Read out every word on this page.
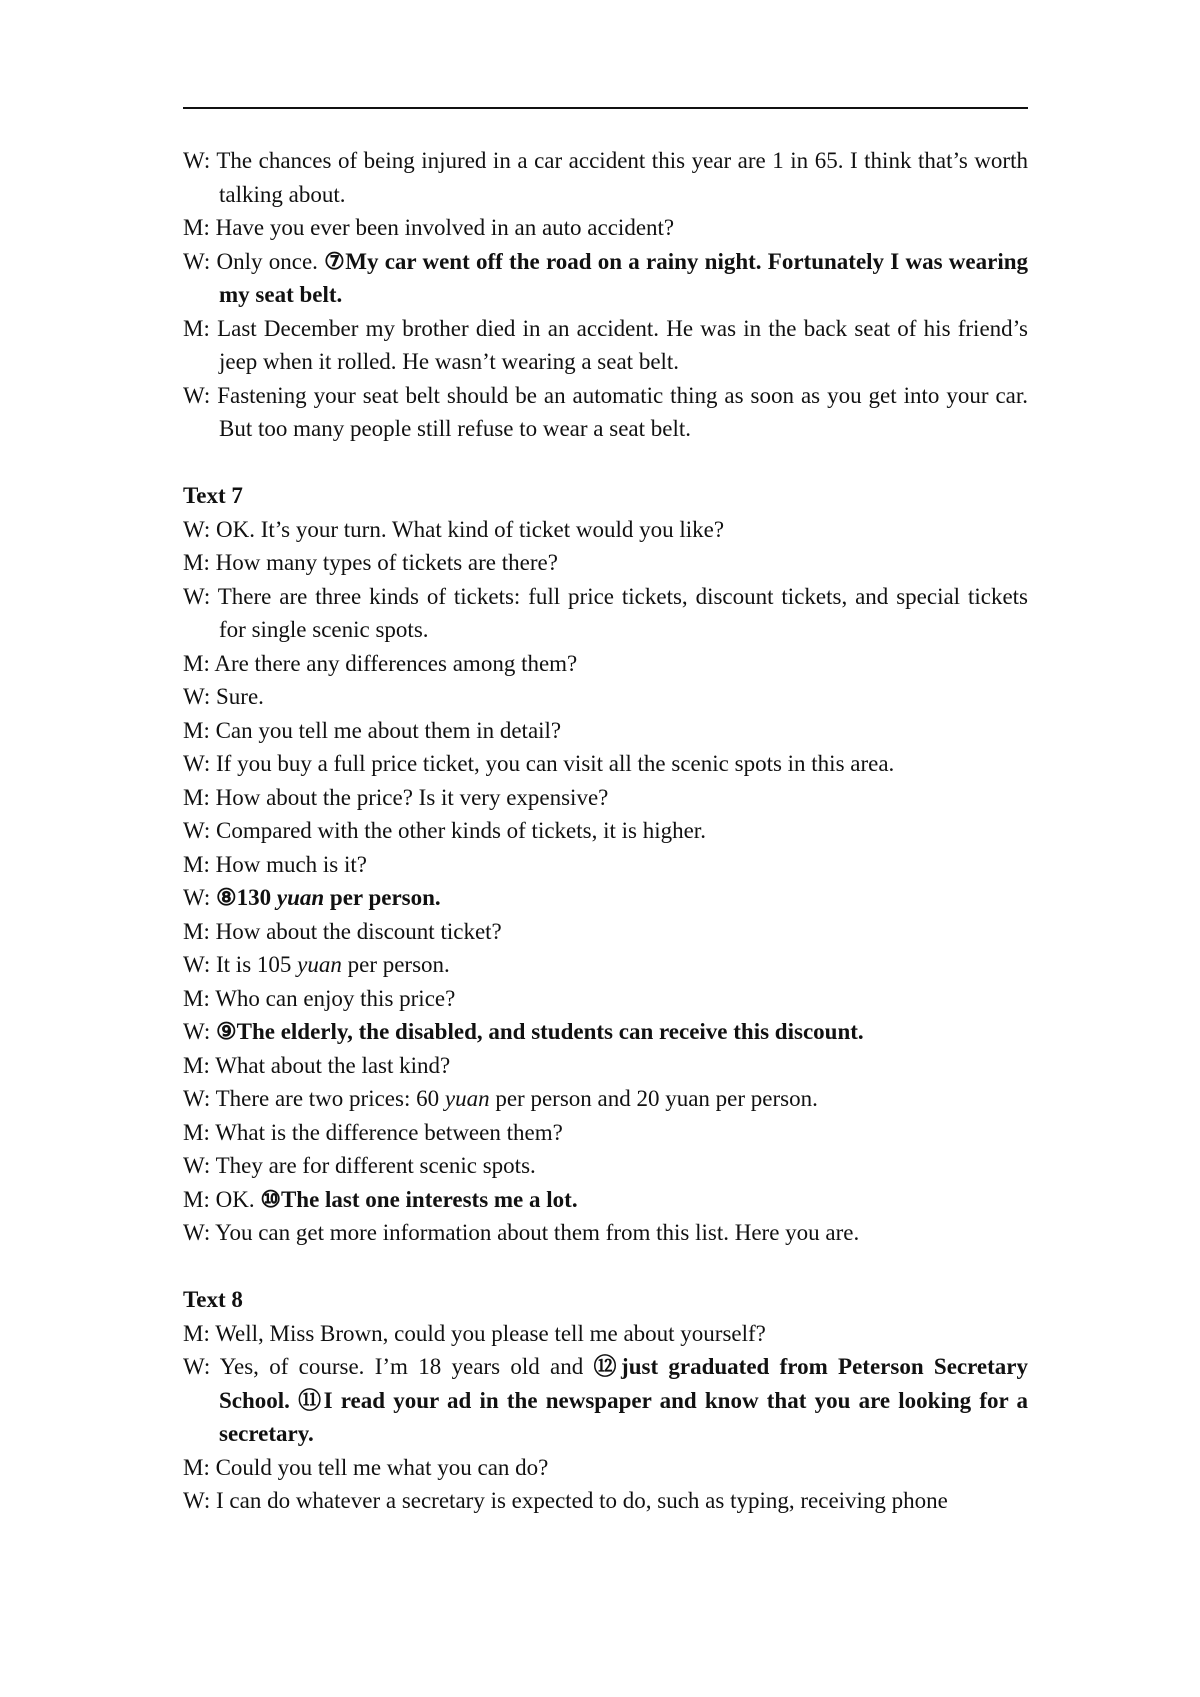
W: The chances of being injured in a car accident this year are 1 in 65. I think that’s worth talking about.

M: Have you ever been involved in an auto accident?

W: Only once. ⑦My car went off the road on a rainy night. Fortunately I was wearing my seat belt.

M: Last December my brother died in an accident. He was in the back seat of his friend’s jeep when it rolled. He wasn’t wearing a seat belt.

W: Fastening your seat belt should be an automatic thing as soon as you get into your car. But too many people still refuse to wear a seat belt.

Text 7

W: OK. It’s your turn. What kind of ticket would you like?

M: How many types of tickets are there?

W: There are three kinds of tickets: full price tickets, discount tickets, and special tickets for single scenic spots.

M: Are there any differences among them?

W: Sure.

M: Can you tell me about them in detail?

W: If you buy a full price ticket, you can visit all the scenic spots in this area.

M: How about the price? Is it very expensive?

W: Compared with the other kinds of tickets, it is higher.

M: How much is it?

W: ⑧130 yuan per person.

M: How about the discount ticket?

W: It is 105 yuan per person.

M: Who can enjoy this price?

W: ⑨The elderly, the disabled, and students can receive this discount.

M: What about the last kind?

W: There are two prices: 60 yuan per person and 20 yuan per person.

M: What is the difference between them?

W: They are for different scenic spots.

M: OK. ⑩The last one interests me a lot.

W: You can get more information about them from this list. Here you are.

Text 8

M: Well, Miss Brown, could you please tell me about yourself?

W: Yes, of course. I’m 18 years old and ⑫just graduated from Peterson Secretary School. ⑪I read your ad in the newspaper and know that you are looking for a secretary.

M: Could you tell me what you can do?

W: I can do whatever a secretary is expected to do, such as typing, receiving phone
